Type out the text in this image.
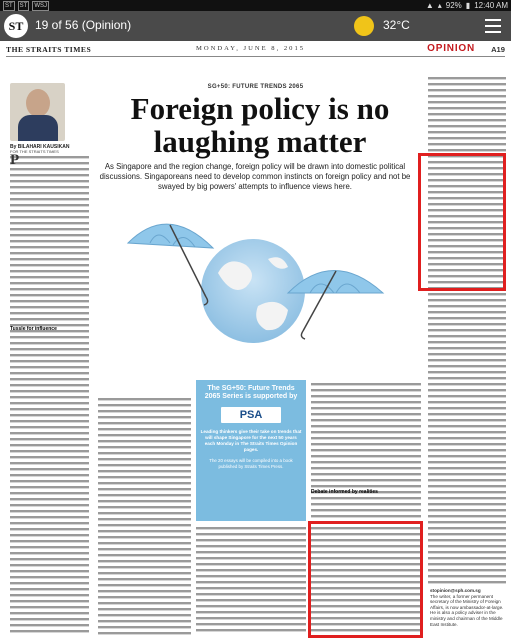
ST	ST	WSJ	▲ ▴ 92% ▮ 12:40 AM
ST 19 of 56 (Opinion)	32°C
THE STRAITS TIMES	MONDAY, JUNE 8, 2015	OPINION A19
By BILAHARI KAUSIKAN
FOR THE STRAITS TIMES
SG+50: FUTURE TRENDS 2065
Foreign policy is no laughing matter
As Singapore and the region change, foreign policy will be drawn into domestic political discussions. Singaporeans need to develop common instincts on foreign policy and not be swayed by big powers' attempts to influence views here.
P
Tussle for influence
Debate informed by realities
The SG+50: Future Trends 2065 Series is supported by
PSA
Leading thinkers give their take on trends that will shape Singapore for the next 50 years each Monday in The Straits Times Opinion pages.
The 20 essays will be compiled into a book published by Straits Times Press.
stopinion@sph.com.sg
The writer, a former permanent secretary of the Ministry of Foreign Affairs, is now ambassador-at-large. He is also a policy adviser in the ministry and chairman of the Middle East Institute.
